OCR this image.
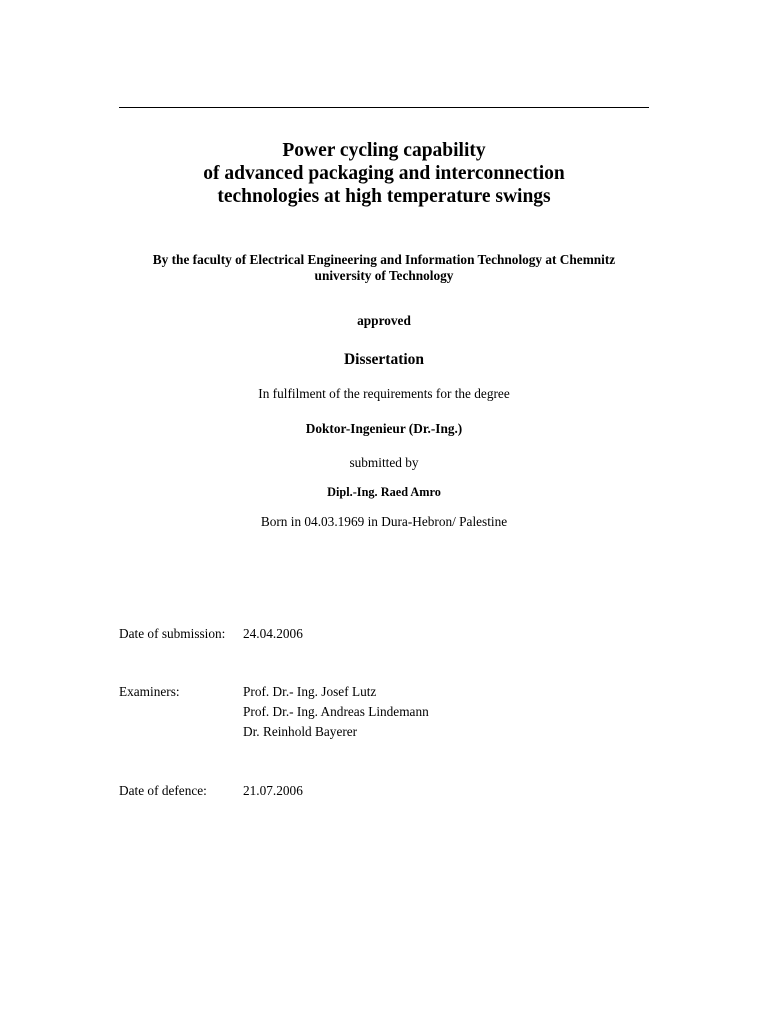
Power cycling capability
of advanced packaging and interconnection
technologies at high temperature swings
By the faculty of Electrical Engineering and Information Technology at Chemnitz
university of Technology
approved
Dissertation
In fulfilment of the requirements for the degree
Doktor-Ingenieur (Dr.-Ing.)
submitted by
Dipl.-Ing. Raed Amro
Born in 04.03.1969 in Dura-Hebron/ Palestine
Date of submission: 24.04.2006
Examiners:	Prof. Dr.- Ing. Josef Lutz
Prof. Dr.- Ing. Andreas Lindemann
Dr. Reinhold Bayerer
Date of defence:	21.07.2006
